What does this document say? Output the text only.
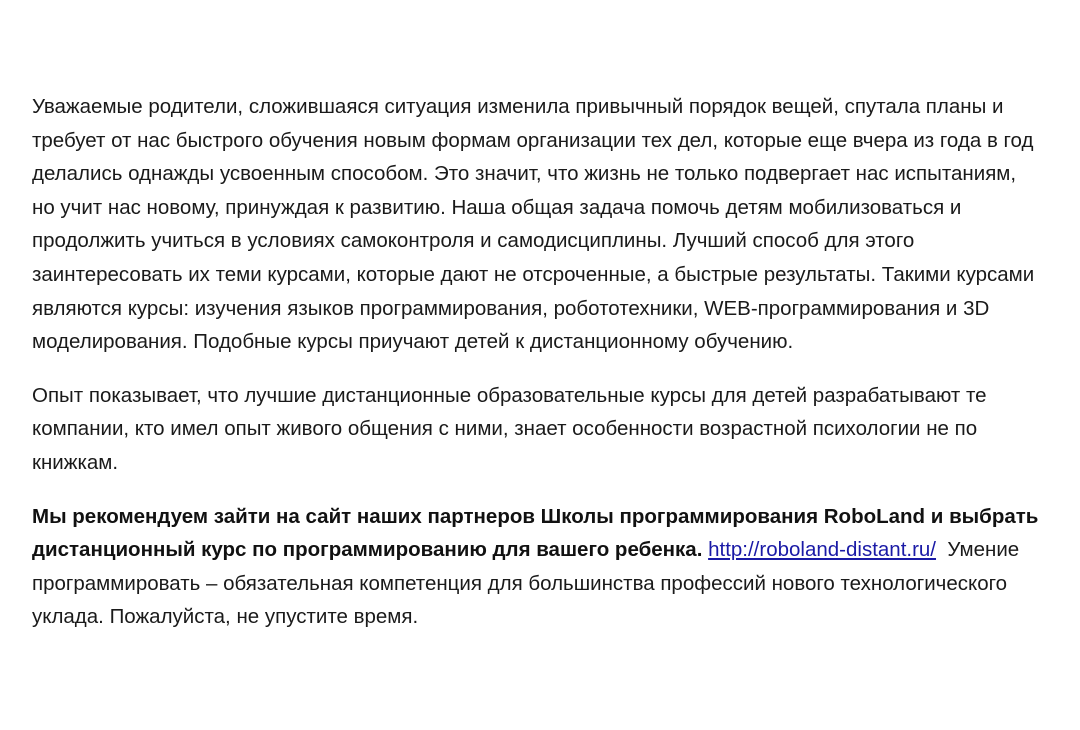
Уважаемые родители, сложившаяся ситуация изменила привычный порядок вещей, спутала планы и требует от нас быстрого обучения новым формам организации тех дел, которые еще вчера из года в год делались однажды усвоенным способом. Это значит, что жизнь не только подвергает нас испытаниям, но учит нас новому, принуждая к развитию. Наша общая задача помочь детям мобилизоваться и продолжить учиться в условиях самоконтроля и самодисциплины. Лучший способ для этого заинтересовать их теми курсами, которые дают не отсроченные, а быстрые результаты. Такими курсами являются курсы: изучения языков программирования, робототехники, WEB-программирования и 3D моделирования. Подобные курсы приучают детей к дистанционному обучению.

Опыт показывает, что лучшие дистанционные образовательные курсы для детей разрабатывают те компании, кто имел опыт живого общения с ними, знает особенности возрастной психологии не по книжкам.

Мы рекомендуем зайти на сайт наших партнеров Школы программирования RoboLand и выбрать дистанционный курс по программированию для вашего ребенка. http://roboland-distant.ru/ Умение программировать – обязательная компетенция для большинства профессий нового технологического уклада. Пожалуйста, не упустите время.
